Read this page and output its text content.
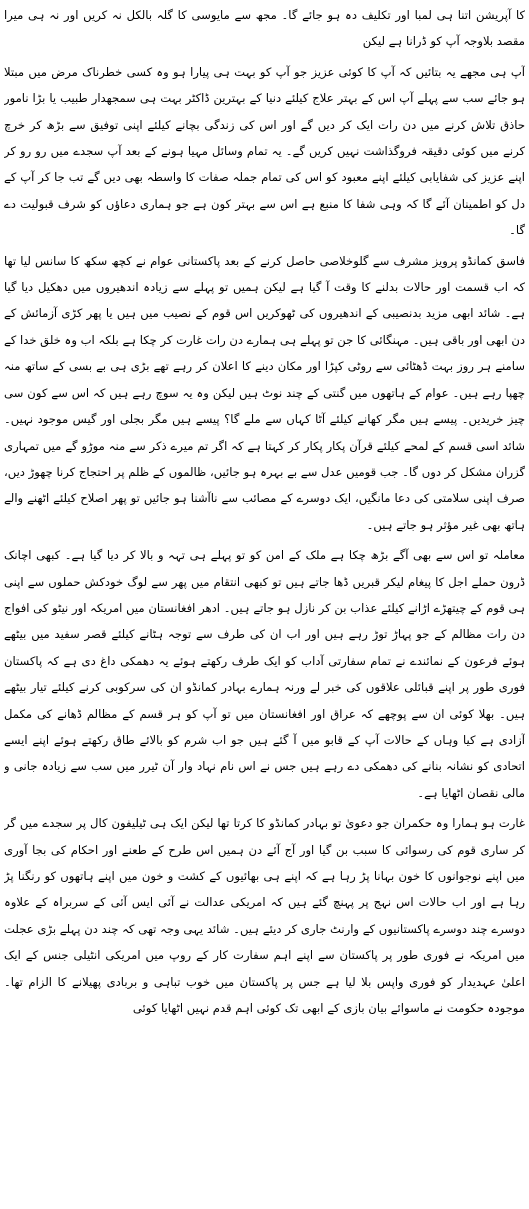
کا آپریشن اتنا ہی لمبا اور تکلیف دہ ہو جائے گا۔ مجھ سے مایوسی کا گلہ بالکل نہ کریں اور نہ ہی میرا مقصد بلاوجہ آپ کو ڈرانا ہے لیکن

آپ ہی مجھے یہ بتائیں کہ آپ کا کوئی عزیز جو آپ کو بہت ہی پیارا ہو وہ کسی خطرناک مرض میں مبتلا ہو جائے سب سے پہلے آپ اس کے بہتر علاج کیلئے دنیا کے بہترین ڈاکٹر بہت ہی سمجھدار طبیب یا بڑا نامور حاذق تلاش کرنے میں دن رات ایک کر دیں گے اور اس کی زندگی بچانے کیلئے اپنی توفیق سے بڑھ کر خرچ کرنے میں کوئی دقیقہ فروگذاشت نہیں کریں گے۔ یہ تمام وسائل مہیا ہونے کے بعد آپ سجدے میں رو رو کر اپنے عزیز کی شفایابی کیلئے اپنے معبود کو اس کی تمام جملہ صفات کا واسطہ بھی دیں گے تب جا کر آپ کے دل کو اطمینان آئے گا کہ وہی شفا کا منبع ہے اس سے بہتر کون ہے جو ہماری دعاؤں کو شرف قبولیت دے گا۔

فاسق کمانڈو پرویز مشرف سے گلوخلاصی حاصل کرنے کے بعد پاکستانی عوام نے کچھ سکھ کا سانس لیا تھا کہ اب قسمت اور حالات بدلنے کا وقت آ گیا ہے لیکن ہمیں تو پہلے سے زیادہ اندھیروں میں دھکیل دیا گیا ہے۔ شائد ابھی مزید بدنصیبی کے اندھیروں کی ٹھوکریں اس قوم کے نصیب میں ہیں یا پھر کڑی آزمائش کے دن ابھی اور باقی ہیں۔ مہنگائی کا جن تو پہلے ہی ہمارے دن رات غارت کر چکا ہے بلکہ اب وہ خلق خدا کے سامنے ہر روز بہت ڈھٹائی سے روٹی کپڑا اور مکان دینے کا اعلان کر رہے تھے بڑی ہی بے بسی کے ساتھ منہ چھپا رہے ہیں۔ عوام کے ہاتھوں میں گنتی کے چند نوٹ ہیں لیکن وہ یہ سوچ رہے ہیں کہ اس سے کون سی چیز خریدیں۔ پیسے ہیں مگر کھانے کیلئے آٹا کہاں سے ملے گا؟ پیسے ہیں مگر بجلی اور گیس موجود نہیں۔ شائد اسی قسم کے لمحے کیلئے قرآن پکار پکار کر کہتا ہے کہ اگر تم میرے ذکر سے منہ موڑو گے میں تمہاری گزران مشکل کر دوں گا۔ جب قومیں عدل سے بے بہرہ ہو جائیں، ظالموں کے ظلم پر احتجاج کرنا چھوڑ دیں، صرف اپنی سلامتی کی دعا مانگیں، ایک دوسرے کے مصائب سے ناآشنا ہو جائیں تو پھر اصلاح کیلئے اٹھنے والے ہاتھ بھی غیر مؤثر ہو جاتے ہیں۔

معاملہ تو اس سے بھی آگے بڑھ چکا ہے ملک کے امن کو تو پہلے ہی تہہ و بالا کر دیا گیا ہے۔ کبھی اچانک ڈرون حملے اجل کا پیغام لیکر قبریں ڈھا جاتے ہیں تو کبھی انتقام میں پھر سے لوگ خودکش حملوں سے اپنی ہی قوم کے چیتھڑے اڑانے کیلئے عذاب بن کر نازل ہو جاتے ہیں۔ ادھر افغانستان میں امریکہ اور نیٹو کی افواج دن رات مظالم کے جو پہاڑ توڑ رہے ہیں اور اب ان کی طرف سے توجہ ہٹانے کیلئے قصر سفید میں بیٹھے ہوئے فرعون کے نمائندے نے تمام سفارتی آداب کو ایک طرف رکھتے ہوئے یہ دھمکی داغ دی ہے کہ پاکستان فوری طور پر اپنے قبائلی علاقوں کی خبر لے ورنہ ہمارے بہادر کمانڈو ان کی سرکوبی کرنے کیلئے تیار بیٹھے ہیں۔ بھلا کوئی ان سے پوچھے کہ عراق اور افغانستان میں تو آپ کو ہر قسم کے مظالم ڈھانے کی مکمل آزادی ہے کیا وہاں کے حالات آپ کے قابو میں آ گئے ہیں جو اب شرم کو بالائے طاق رکھتے ہوئے اپنے ایسے اتحادی کو نشانہ بنانے کی دھمکی دے رہے ہیں جس نے اس نام نہاد وار آن ٹیرر میں سب سے زیادہ جانی و مالی نقصان اٹھایا ہے۔

غارت ہو ہمارا وہ حکمران جو دعویٰ تو بہادر کمانڈو کا کرتا تھا لیکن ایک ہی ٹیلیفون کال پر سجدے میں گر کر ساری قوم کی رسوائی کا سبب بن گیا اور آج آئے دن ہمیں اس طرح کے طعنے اور احکام کی بجا آوری میں اپنے نوجوانوں کا خون بہانا پڑ رہا ہے کہ اپنے ہی بھائیوں کے کشت و خون میں اپنے ہاتھوں کو رنگنا پڑ رہا ہے اور اب حالات اس نہج پر پہنچ گئے ہیں کہ امریکی عدالت نے آئی ایس آئی کے سربراہ کے علاوہ دوسرے چند دوسرے پاکستانیوں کے وارنٹ جاری کر دیئے ہیں۔ شائد یہی وجہ تھی کہ چند دن پہلے بڑی عجلت میں امریکہ نے فوری طور پر پاکستان سے اپنے اہم سفارت کار کے روپ میں امریکی انٹیلی جنس کے ایک اعلیٰ عہدیدار کو فوری واپس بلا لیا ہے جس پر پاکستان میں خوب تباہی و بربادی پھیلانے کا الزام تھا۔ موجودہ حکومت نے ماسوائے بیان بازی کے ابھی تک کوئی اہم قدم نہیں اٹھایا کوئی
